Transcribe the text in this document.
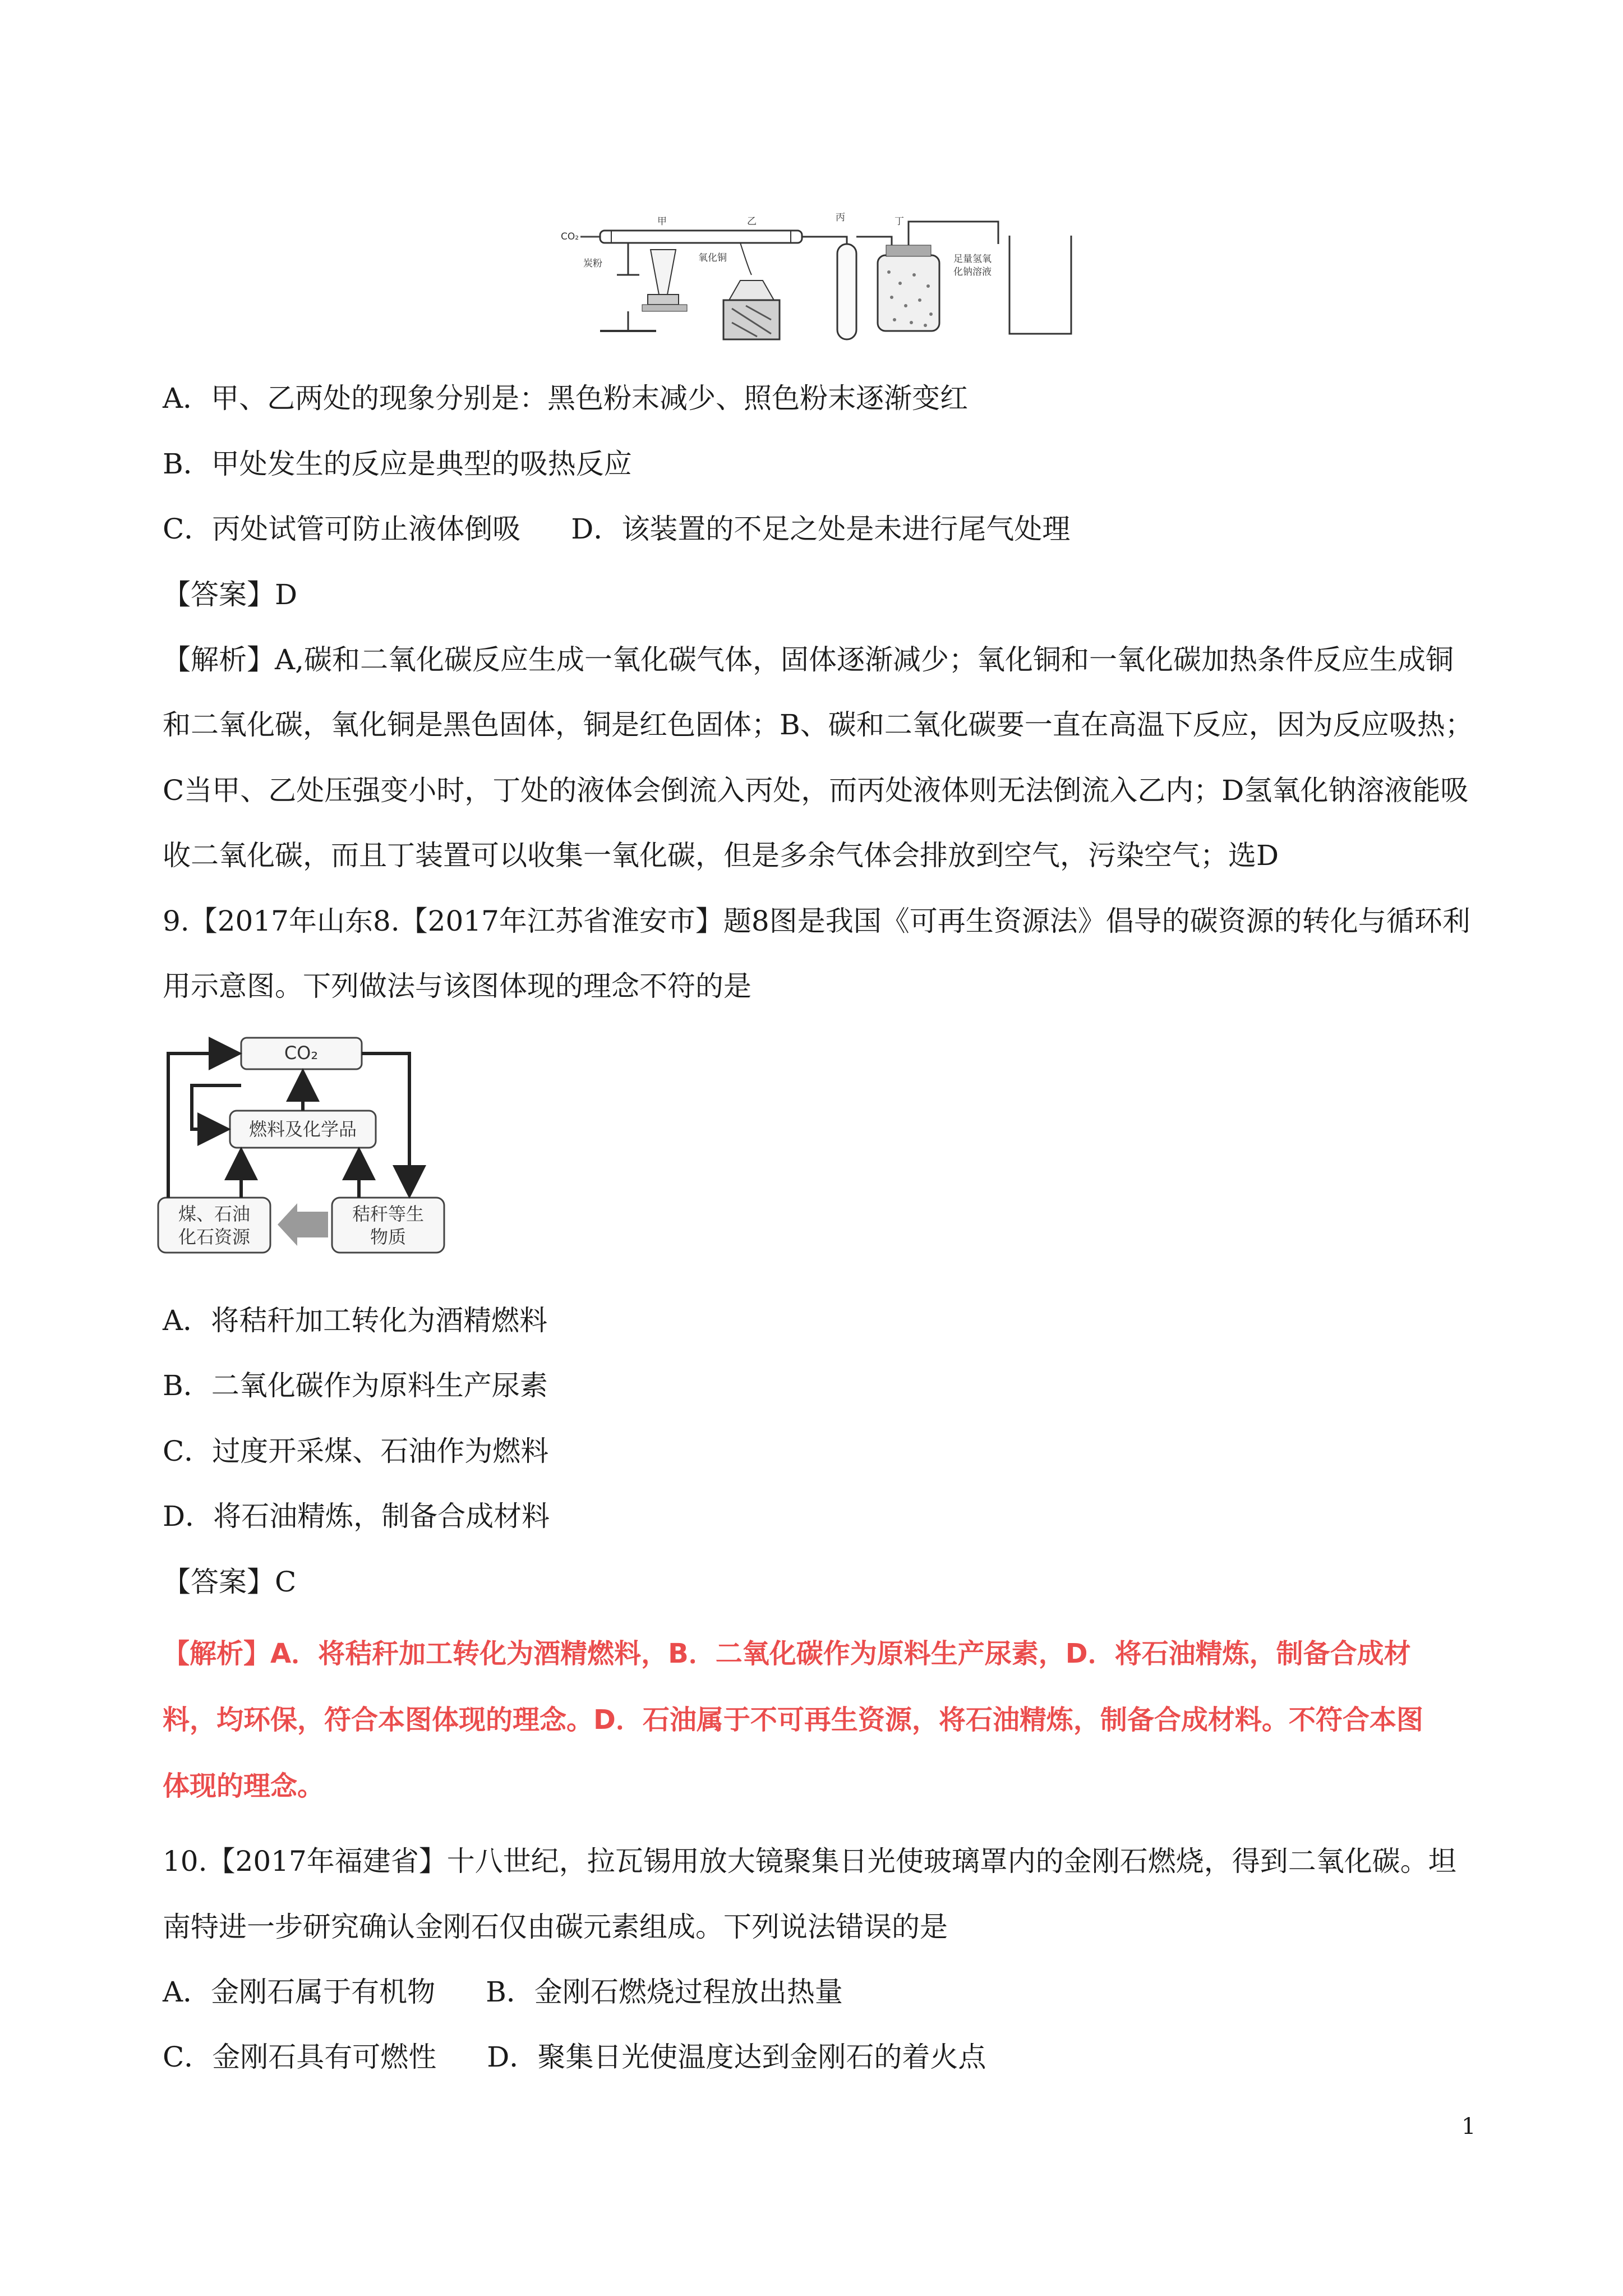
CO₂
甲	乙
炭粉	氧化铜
丙	丁
足量氢氧
化钠溶液
A．甲、乙两处的现象分别是：黑色粉末减少、照色粉末逐渐变红
B．甲处发生的反应是典型的吸热反应
C．丙处试管可防止液体倒吸 D．该装置的不足之处是未进行尾气处理
【答案】D
【解析】A,碳和二氧化碳反应生成一氧化碳气体，固体逐渐减少；氧化铜和一氧化碳加热条件反应生成铜
和二氧化碳，氧化铜是黑色固体，铜是红色固体；B、碳和二氧化碳要一直在高温下反应，因为反应吸热；
C当甲、乙处压强变小时，丁处的液体会倒流入丙处，而丙处液体则无法倒流入乙内；D氢氧化钠溶液能吸
收二氧化碳，而且丁装置可以收集一氧化碳，但是多余气体会排放到空气，污染空气；选D
9.【2017年山东8.【2017年江苏省淮安市】题8图是我国《可再生资源法》倡导的碳资源的转化与循环利
用示意图。下列做法与该图体现的理念不符的是
CO₂
燃料及化学品
煤、石油
化石资源
秸秆等生
物质
A．将秸秆加工转化为酒精燃料
B．二氧化碳作为原料生产尿素
C．过度开采煤、石油作为燃料
D．将石油精炼，制备合成材料
【答案】C
【解析】A．将秸秆加工转化为酒精燃料，B．二氧化碳作为原料生产尿素，D．将石油精炼，制备合成材
料，均环保，符合本图体现的理念。D．石油属于不可再生资源，将石油精炼，制备合成材料。不符合本图
体现的理念。
10.【2017年福建省】十八世纪，拉瓦锡用放大镜聚集日光使玻璃罩内的金刚石燃烧，得到二氧化碳。坦
南特进一步研究确认金刚石仅由碳元素组成。下列说法错误的是
A．金刚石属于有机物 B．金刚石燃烧过程放出热量
C．金刚石具有可燃性 D．聚集日光使温度达到金刚石的着火点
1
